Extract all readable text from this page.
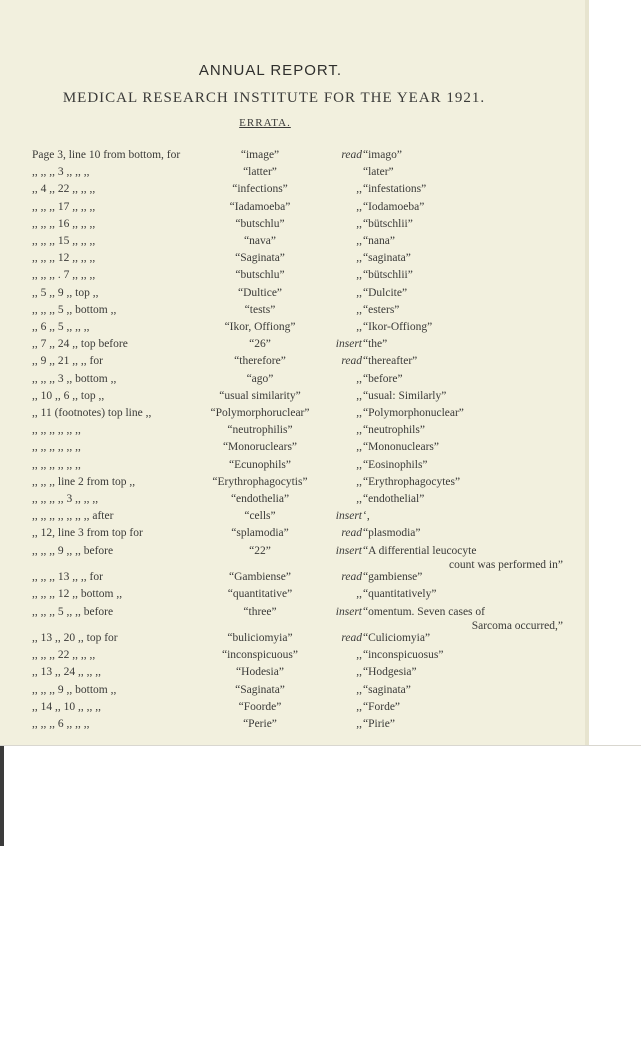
ANNUAL REPORT.
MEDICAL RESEARCH INSTITUTE FOR THE YEAR 1921.
ERRATA.
Page 3, line 10 from bottom, for	“image”	read “imago”
,, ,, ,, 3 ,, ,, ,,	“latter”	“later”
,, 4 ,, 22 ,, ,, ,,	“infections”	,, “infestations”
,, ,, ,, 17 ,, ,, ,,	“Iadamoeba”	,, “Iodamoeba”
,, ,, ,, 16 ,, ,, ,,	“butschlu”	,, “bütschlii”
,, ,, ,, 15 ,, ,, ,,	“nava”	,, “nana”
,, ,, ,, 12 ,, ,, ,,	“Saginata”	,, “saginata”
,, ,, ,, . 7 ,, ,, ,,	“butschlu”	,, “bütschlii”
,, 5 ,, 9 ,, top ,,	“Dultice”	,, “Dulcite”
,, ,, ,, 5 ,, bottom ,,	“tests”	,, “esters”
,, 6 ,, 5 ,, ,, ,,	“Ikor, Offiong”	,, “Ikor-Offiong”
,, 7 ,, 24 ,, top before	“26”	insert “the”
,, 9 ,, 21 ,, ,, for	“therefore”	read “thereafter”
,, ,, ,, 3 ,, bottom ,,	“ago”	,, “before”
,, 10 ,, 6 ,, top ,,	“usual similarity”	,, “usual: Similarly”
,, 11 (footnotes) top line ,,	“Polymorphoruclear”	,, “Polymorphonuclear”
,, ,, ,, ,, ,, ,,	“neutrophilis”	,, “neutrophils”
,, ,, ,, ,, ,, ,,	“Monoruclears”	,, “Mononuclears”
,, ,, ,, ,, ,, ,,	“Ecunophils”	,, “Eosinophils”
,, ,, ,, line 2 from top ,,	“Erythrophagocytis”	,, “Erythrophagocytes”
,, ,, ,, ,, 3 ,, ,, ,,	“endothelia”	,, “endothelial”
,, ,, ,, ,, ,, ,, ,, after	“cells”	insert ‘,
,, 12, line 3 from top for	“splamodia”	read “plasmodia”
,, ,, ,, 9 ,, ,, before	“22”	insert “A differential leucocyte
count was performed in”
,, ,, ,, 13 ,, ,, for	“Gambiense”	read “gambiense”
,, ,, ,, 12 ,, bottom ,,	“quantitative”	,, “quantitatively”
,, ,, ,, 5 ,, ,, before	“three”	insert “omentum. Seven cases of
Sarcoma occurred,”
,, 13 ,, 20 ,, top for	“buliciomyia”	read “Culiciomyia”
,, ,, ,, 22 ,, ,, ,,	“inconspicuous”	,, “inconspicuosus”
,, 13 ,, 24 ,, ,, ,,	“Hodesia”	,, “Hodgesia”
,, ,, ,, 9 ,, bottom ,,	“Saginata”	,, “saginata”
,, 14 ,, 10 ,, ,, ,,	“Foorde”	,, “Forde”
,, ,, ,, 6 ,, ,, ,,	“Perie”	,, “Pirie”
